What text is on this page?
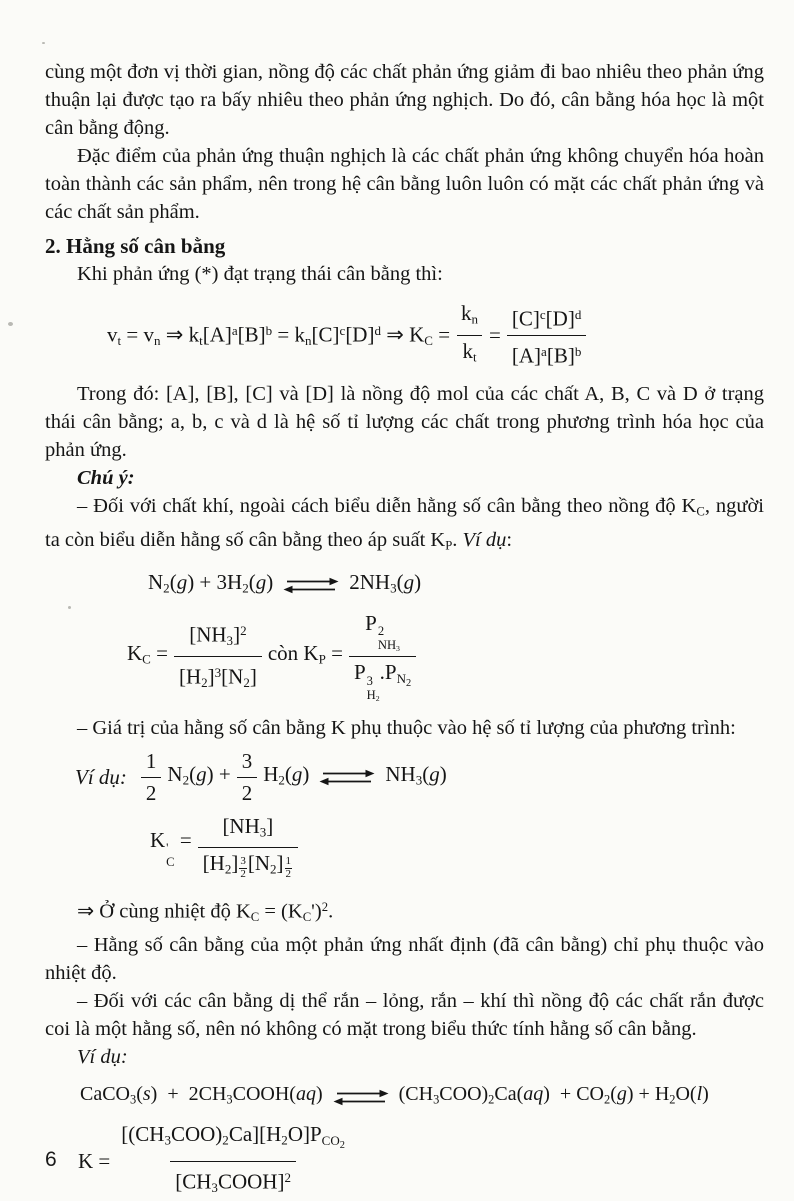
cùng một đơn vị thời gian, nồng độ các chất phản ứng giảm đi bao nhiêu theo phản ứng thuận lại được tạo ra bấy nhiêu theo phản ứng nghịch. Do đó, cân bằng hóa học là một cân bằng động.

Đặc điểm của phản ứng thuận nghịch là các chất phản ứng không chuyển hóa hoàn toàn thành các sản phẩm, nên trong hệ cân bằng luôn luôn có mặt các chất phản ứng và các chất sản phẩm.

2. Hằng số cân bằng

Khi phản ứng (*) đạt trạng thái cân bằng thì:

$v_t = v_n$ ⇒ $k_t[A]^a[B]^b = k_n[C]^c[D]^d$ ⇒ $K_C = \frac{k_n}{k_t} = \frac{[C]^c[D]^d}{[A]^a[B]^b}$

Trong đó: [A], [B], [C] và [D] là nồng độ mol của các chất A, B, C và D ở trạng thái cân bằng; a, b, c và d là hệ số tỉ lượng các chất trong phương trình hóa học của phản ứng.

Chú ý:

– Đối với chất khí, ngoài cách biểu diễn hằng số cân bằng theo nồng độ $K_C$, người ta còn biểu diễn hằng số cân bằng theo áp suất $K_P$. Ví dụ:

$N_2(g) + 3H_2(g)$ ⇌ $2NH_3(g)$
$K_C = \frac{[NH_3]^2}{[H_2]^3[N_2]}$ còn $K_P = P$ 2
$NH_3$
P 3
$H_2$
$.P_{N_2}$

– Giá trị của hằng số cân bằng K phụ thuộc vào hệ số tỉ lượng của phương trình:

Ví dụ: $\frac{1}{2} N_2(g) + \frac{3}{2} H_2(g)$ ⇌ $NH_3(g)$
K '
C
= $\frac{[NH_3]}{[H_2] \frac{3}{2} [N_2] \frac{1}{2}}$

⇒ Ở cùng nhiệt độ $K_C = (K_C')^2$.

– Hằng số cân bằng của một phản ứng nhất định (đã cân bằng) chỉ phụ thuộc vào nhiệt độ.

– Đối với các cân bằng dị thể rắn – lỏng, rắn – khí thì nồng độ các chất rắn được coi là một hằng số, nên nó không có mặt trong biểu thức tính hằng số cân bằng.

Ví dụ:

CaCO$_3$(s)  +  $2CH_3COOH(aq)$ ⇌ $(CH_3COO)_2Ca(aq) + CO_2(g) + H_2O(l)$
$K = \frac{[(CH_3COO)_2Ca][H_2O]P_{CO_2}}{[CH_3COOH]^2}$
6
